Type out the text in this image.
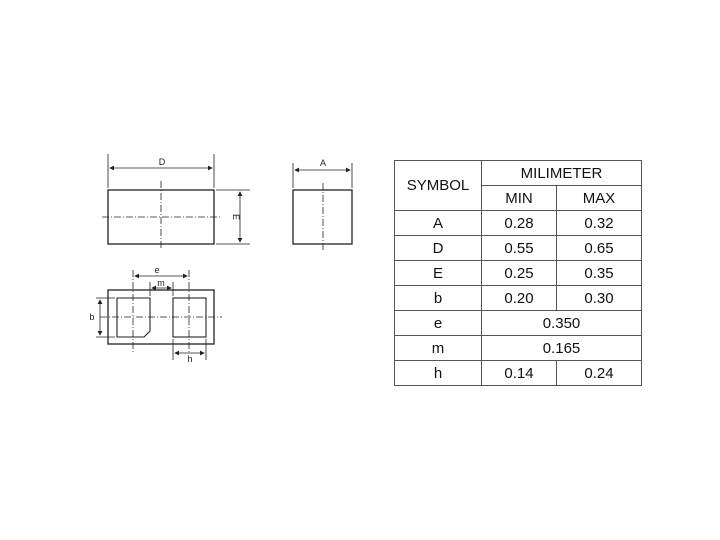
D
E
A
e
m
b
h
SYMBOL	MILIMETER	
	MIN	MAX
A	0.28	0.32
D	0.55	0.65
E	0.25	0.35
b	0.20	0.30
e	0.350	
m	0.165	
h	0.14	0.24
